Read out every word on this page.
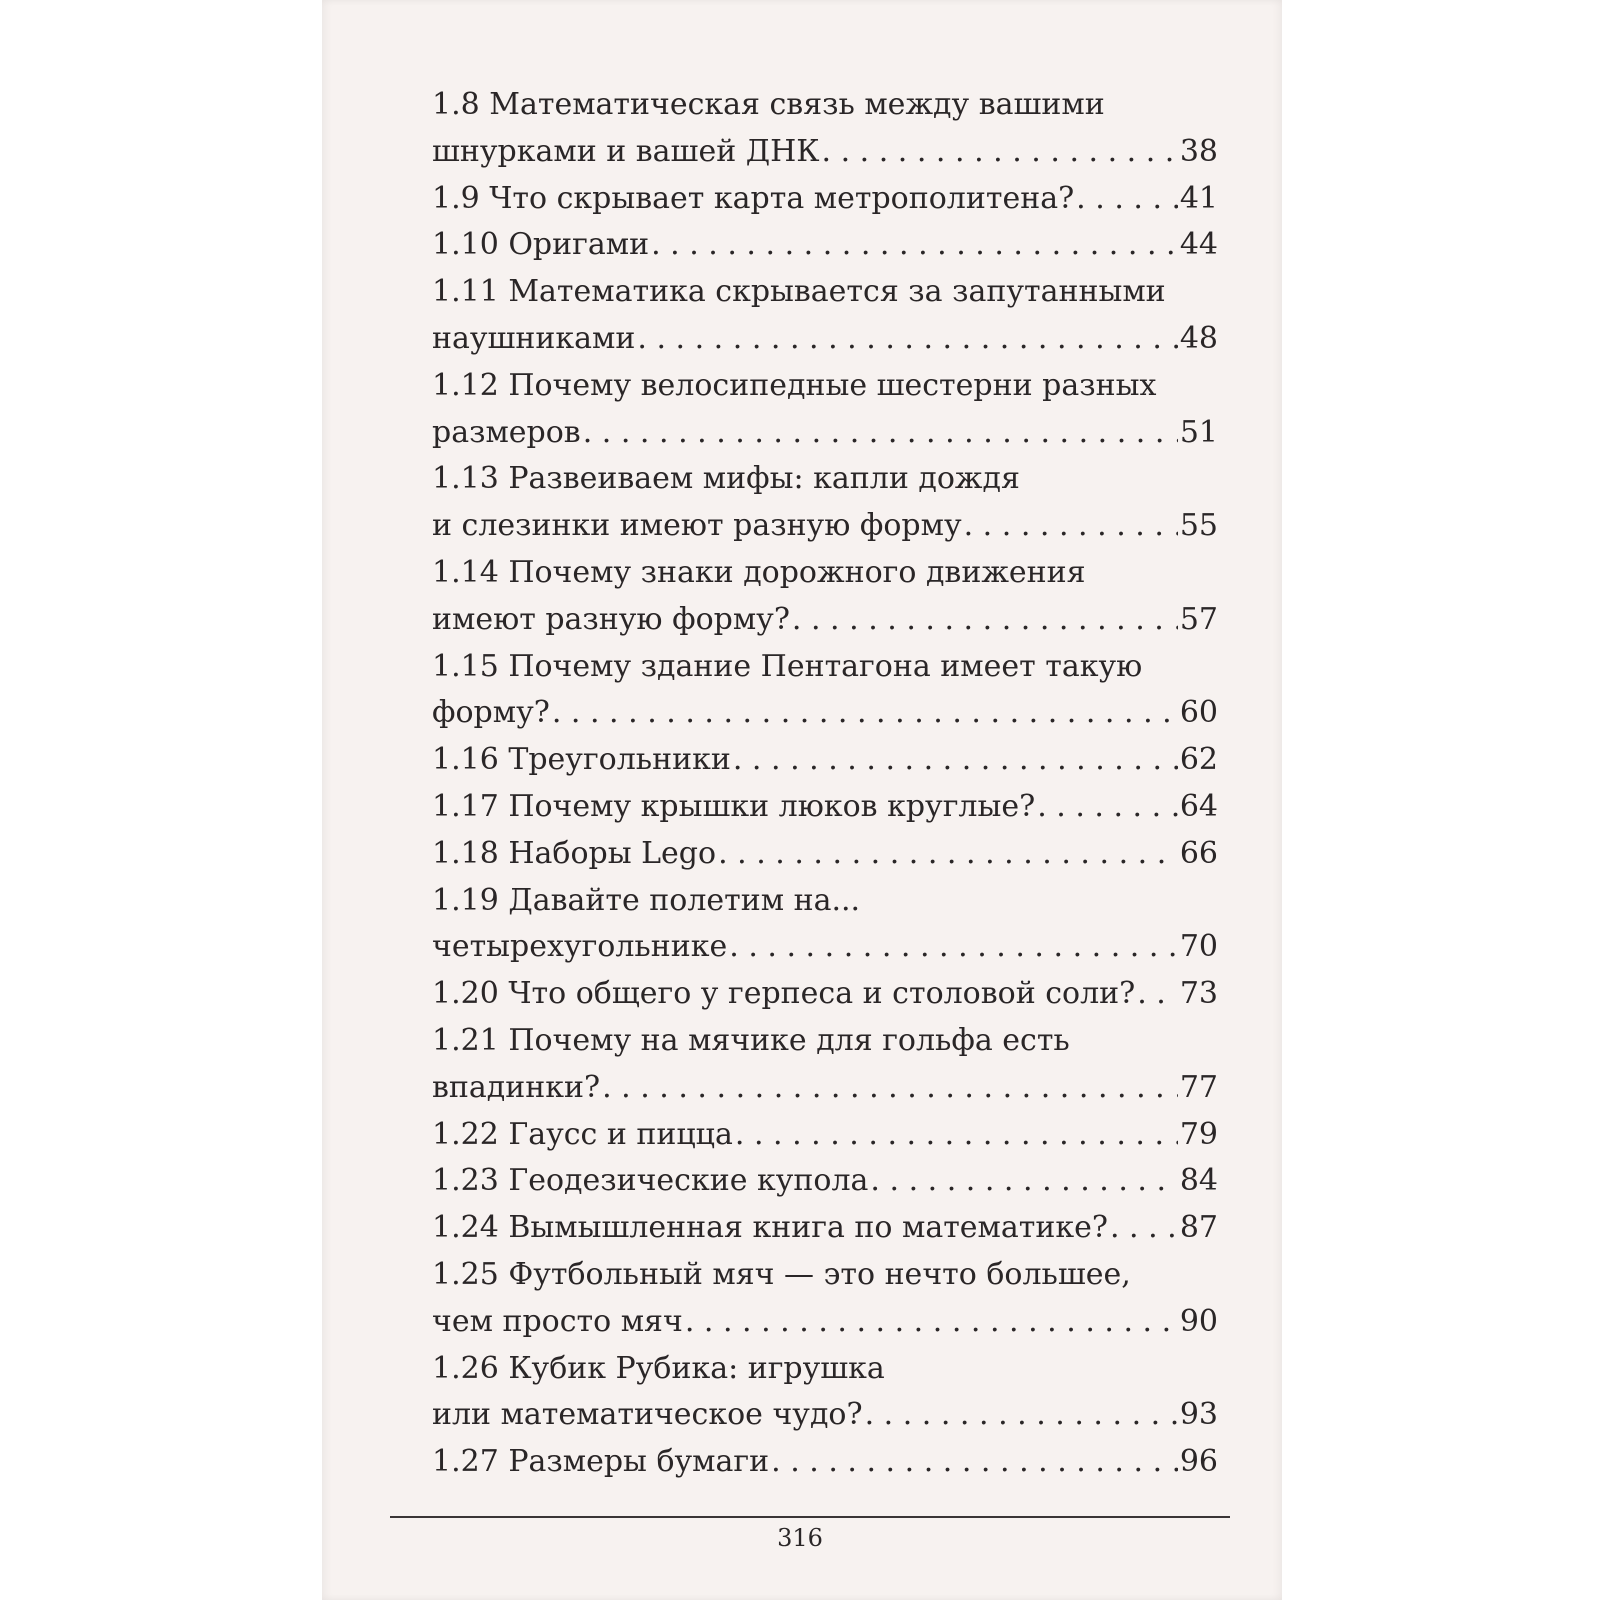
1.8 Математическая связь между вашими
шнурками и вашей ДНК . . .	38
1.9 Что скрывает карта метрополитена? . . .	41
1.10 Оригами . . .	44
1.11 Математика скрывается за запутанными
наушниками . . .	48
1.12 Почему велосипедные шестерни разных
размеров . . .	51
1.13 Развеиваем мифы: капли дождя
и слезинки имеют разную форму . . .	55
1.14 Почему знаки дорожного движения
имеют разную форму? . . .	57
1.15 Почему здание Пентагона имеет такую
форму? . . .	60
1.16 Треугольники . . .	62
1.17 Почему крышки люков круглые? . . .	64
1.18 Наборы Lego . . .	66
1.19 Давайте полетим на...
четырехугольнике . . .	70
1.20 Что общего у герпеса и столовой соли? . . . 73
1.21 Почему на мячике для гольфа есть
впадинки? . . .	77
1.22 Гаусс и пицца . . .	79
1.23 Геодезические купола . . .	84
1.24 Вымышленная книга по математике? . . . 87
1.25 Футбольный мяч — это нечто большее,
чем просто мяч . . .	90
1.26 Кубик Рубика: игрушка
или математическое чудо? . . .	93
1.27 Размеры бумаги . . .	96
316
